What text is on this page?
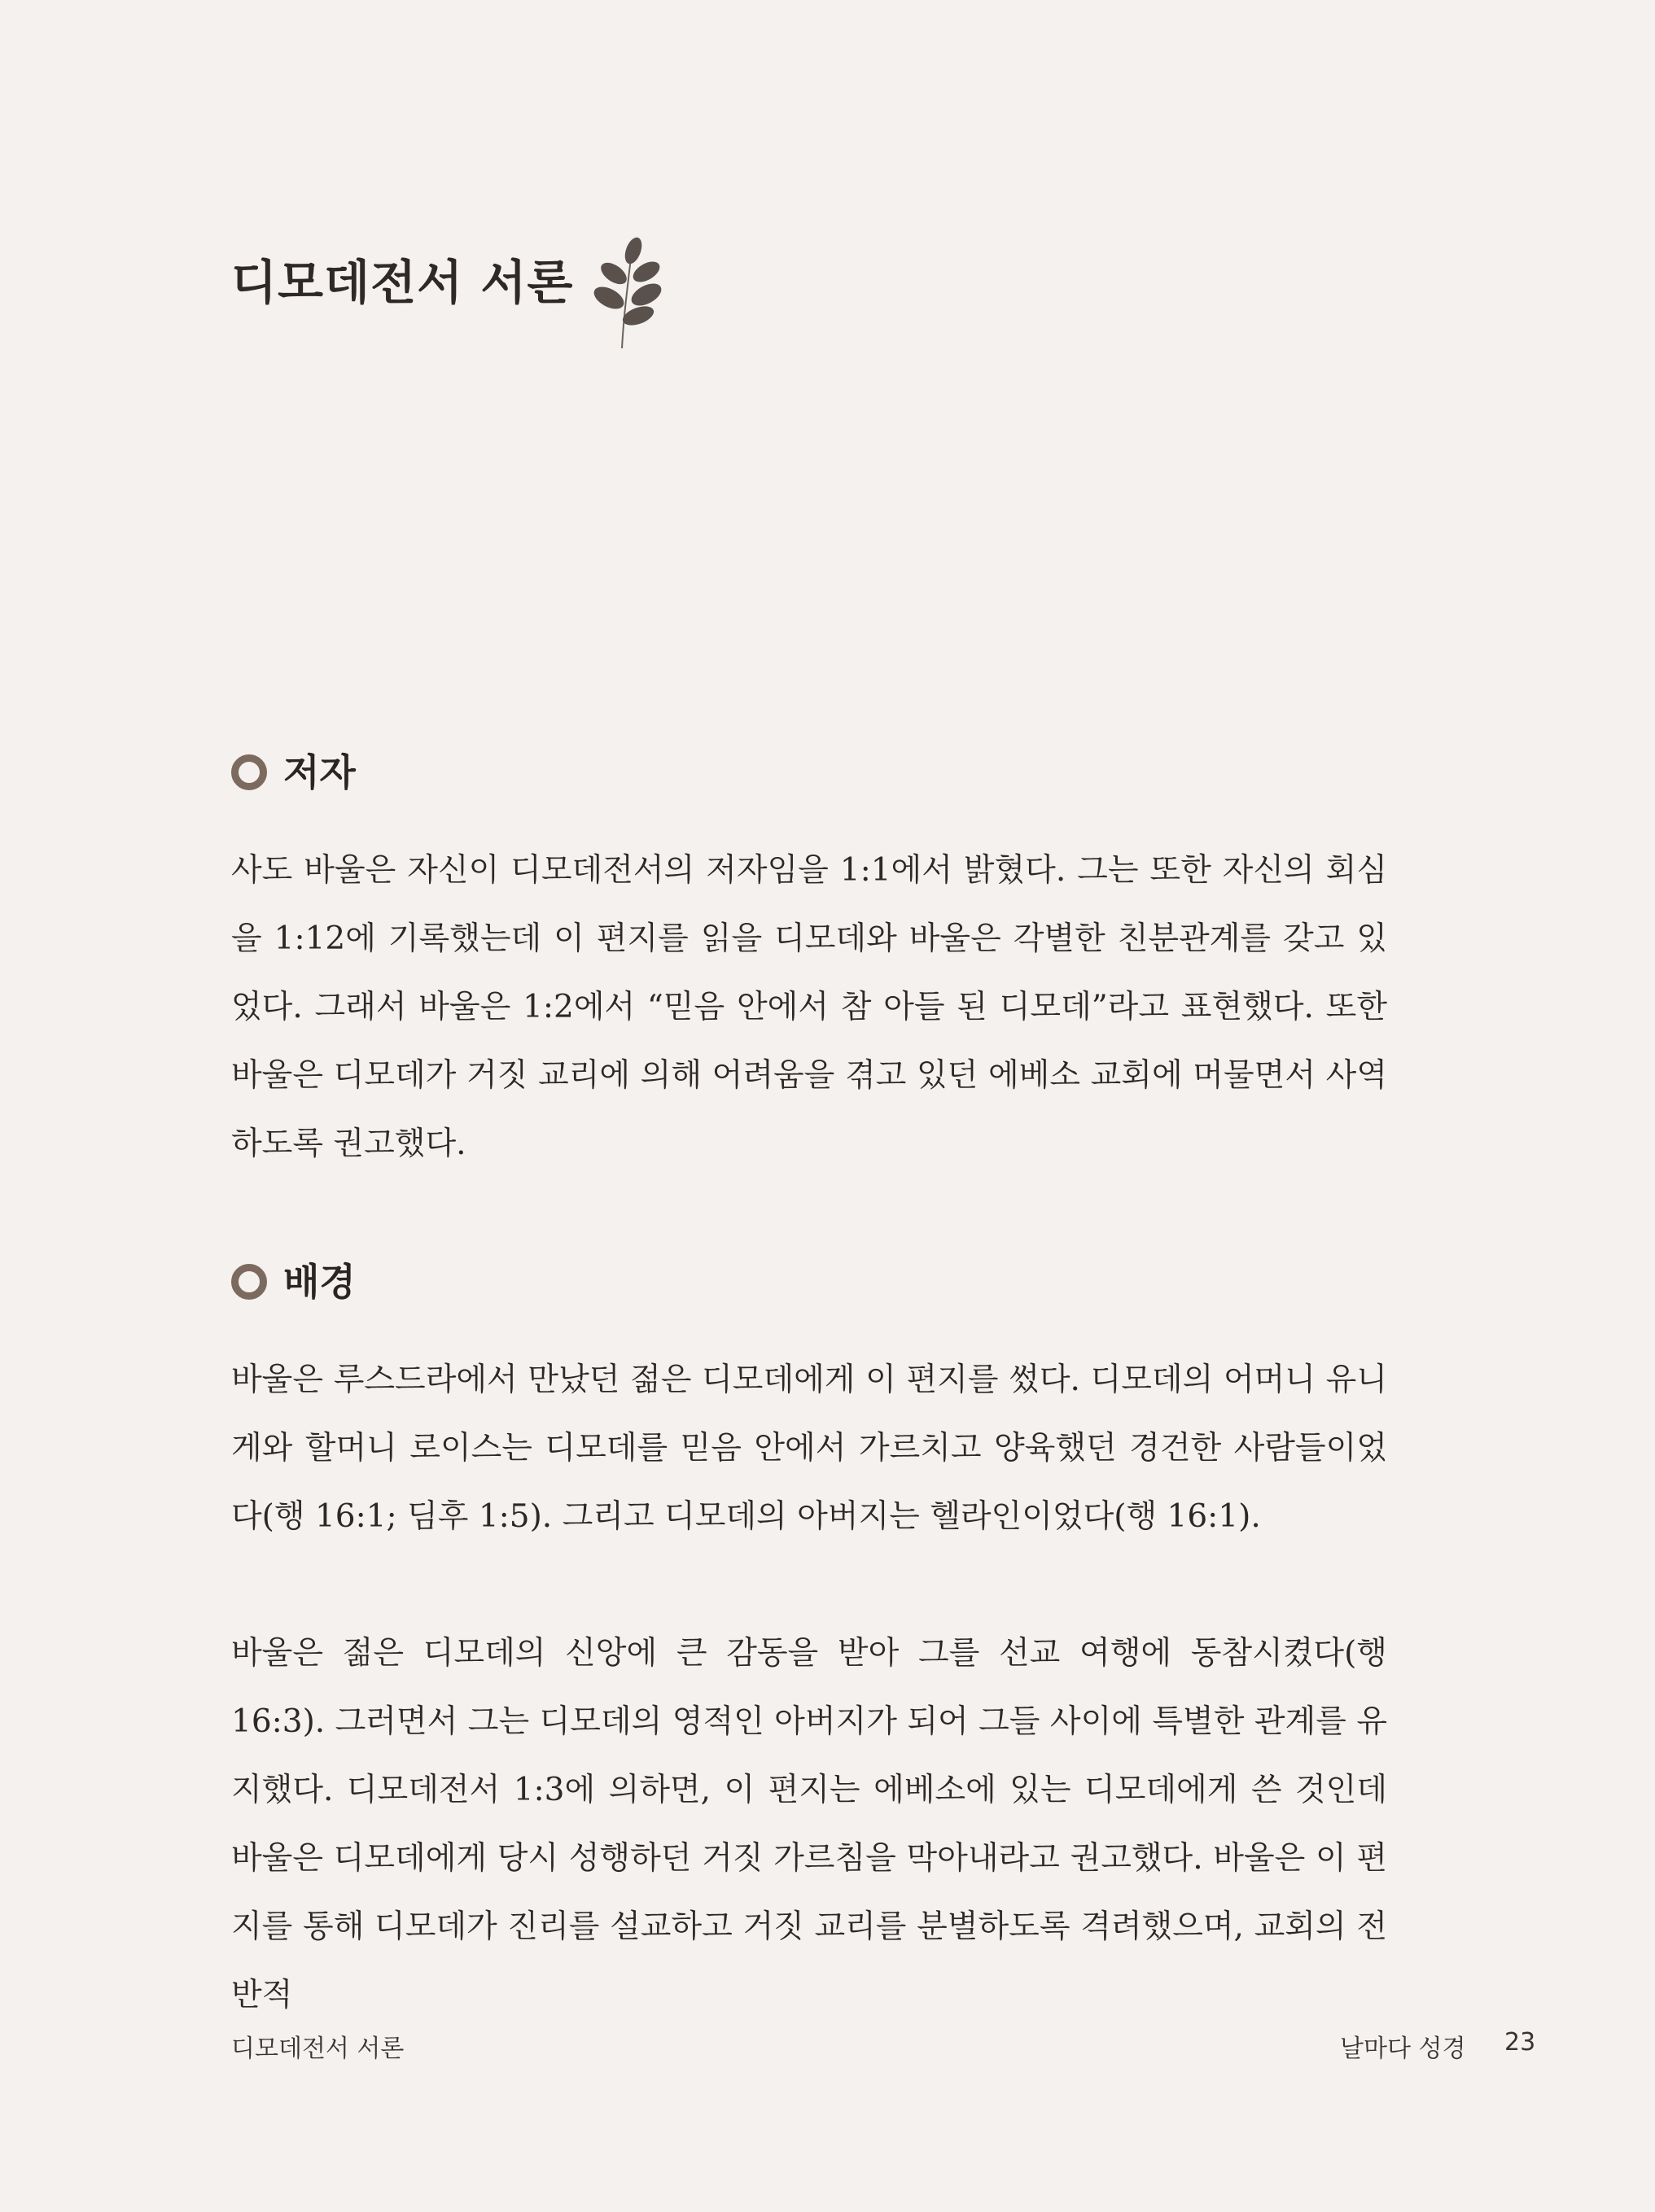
디모데전서 서론
저자

사도 바울은 자신이 디모데전서의 저자임을 1:1에서 밝혔다. 그는 또한 자신의 회심을 1:12에 기록했는데 이 편지를 읽을 디모데와 바울은 각별한 친분관계를 갖고 있었다. 그래서 바울은 1:2에서 “믿음 안에서 참 아들 된 디모데”라고 표현했다. 또한 바울은 디모데가 거짓 교리에 의해 어려움을 겪고 있던 에베소 교회에 머물면서 사역하도록 권고했다.

배경

바울은 루스드라에서 만났던 젊은 디모데에게 이 편지를 썼다. 디모데의 어머니 유니게와 할머니 로이스는 디모데를 믿음 안에서 가르치고 양육했던 경건한 사람들이었다(행 16:1; 딤후 1:5). 그리고 디모데의 아버지는 헬라인이었다(행 16:1).

바울은 젊은 디모데의 신앙에 큰 감동을 받아 그를 선교 여행에 동참시켰다(행 16:3). 그러면서 그는 디모데의 영적인 아버지가 되어 그들 사이에 특별한 관계를 유지했다. 디모데전서 1:3에 의하면, 이 편지는 에베소에 있는 디모데에게 쓴 것인데 바울은 디모데에게 당시 성행하던 거짓 가르침을 막아내라고 권고했다. 바울은 이 편지를 통해 디모데가 진리를 설교하고 거짓 교리를 분별하도록 격려했으며, 교회의 전반적

디모데전서 서론	날마다 성경 23
